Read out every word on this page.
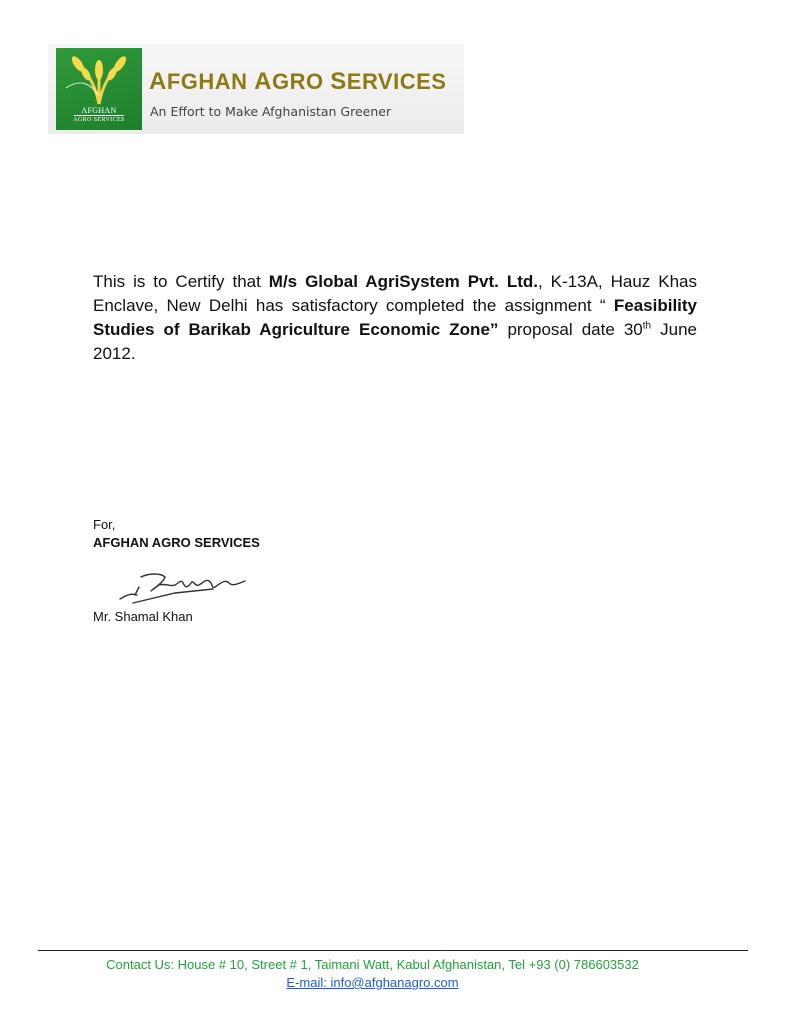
AFGHAN
AGRO SERVICES
AFGHAN AGRO SERVICES
An Effort to Make Afghanistan Greener
This is to Certify that M/s Global AgriSystem Pvt. Ltd., K-13A, Hauz Khas Enclave, New Delhi has satisfactory completed the assignment “ Feasibility Studies of Barikab Agriculture Economic Zone” proposal date 30th June 2012.
For,
AFGHAN AGRO SERVICES
Mr. Shamal Khan
Contact Us: House # 10, Street # 1, Taimani Watt, Kabul Afghanistan, Tel +93 (0) 786603532
E-mail: info@afghanagro.com
